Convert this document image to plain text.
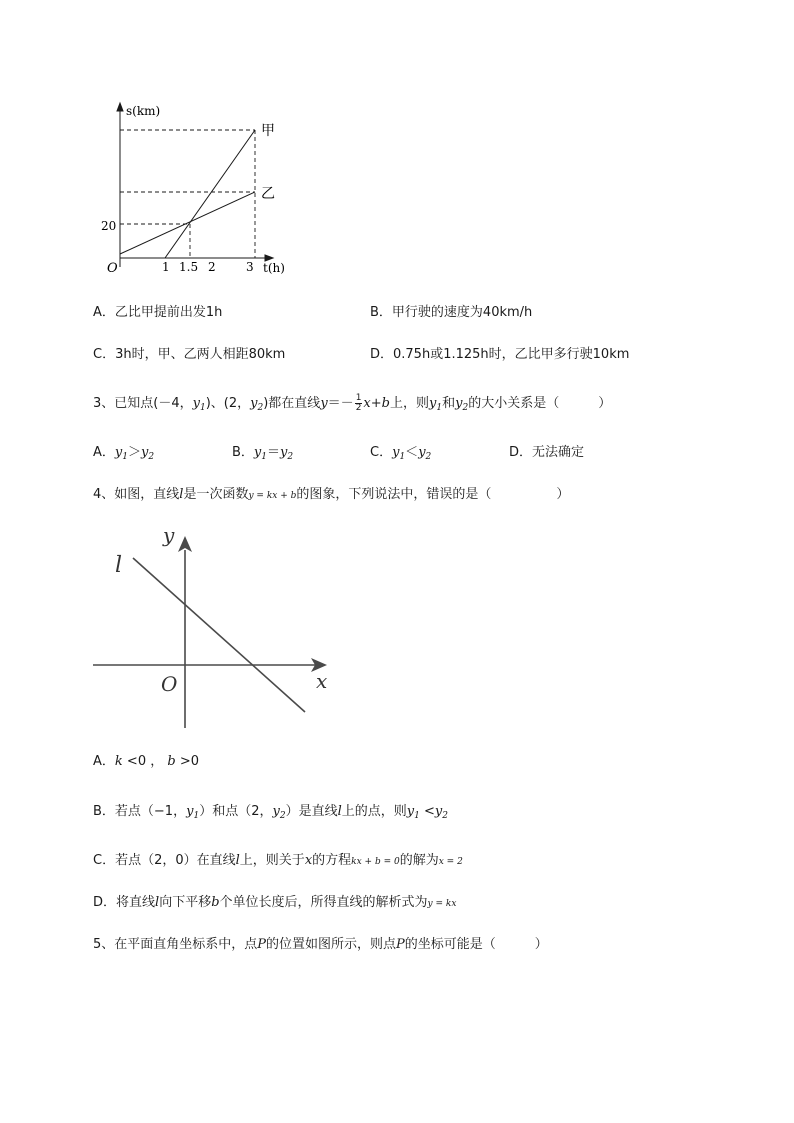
s(km)
t(h)
O
20
1 1.5 2	3
甲
乙
A．乙比甲提前出发1h	B．甲行驶的速度为40km/h
C．3h时，甲、乙两人相距80km	D．0.75h或1.125h时，乙比甲多行驶10km
3、已知点(－4，$y_1$)、(2，$y_2$)都在直线$y=- \frac{1}{2} x+b$上，则$y_1$和$y_2$的大小关系是（　　　）
A．$y_1>y_2$	B．$y_1=y_2$	C．$y_1<y_2$	D．无法确定
4、如图，直线l是一次函数y = kx + b的图象，下列说法中，错误的是（　　　　　）
l
y
x
O
A．k <0 ， b >0
B．若点（−1，$y_1$）和点（2，$y_2$）是直线l上的点，则$y_1 <y_2$
C．若点（2，0）在直线l上，则关于x的方程kx + b = 0的解为x = 2
D．将直线l向下平移b个单位长度后，所得直线的解析式为y = kx
5、在平面直角坐标系中，点P的位置如图所示，则点P的坐标可能是（　　　）
